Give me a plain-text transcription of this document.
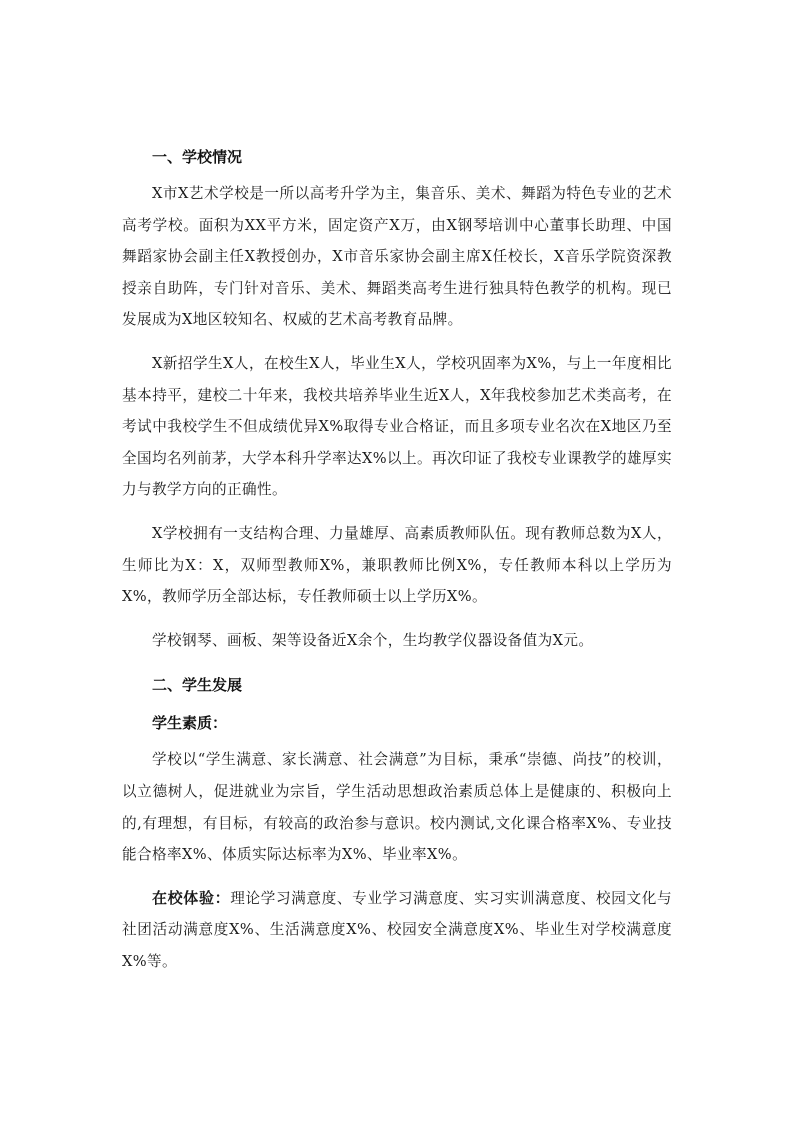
一、学校情况

X市X艺术学校是一所以高考升学为主，集音乐、美术、舞蹈为特色专业的艺术高考学校。面积为XX平方米，固定资产X万，由X钢琴培训中心董事长助理、中国舞蹈家协会副主任X教授创办，X市音乐家协会副主席X任校长，X音乐学院资深教授亲自助阵，专门针对音乐、美术、舞蹈类高考生进行独具特色教学的机构。现已发展成为X地区较知名、权威的艺术高考教育品牌。

X新招学生X人，在校生X人，毕业生X人，学校巩固率为X%，与上一年度相比基本持平，建校二十年来，我校共培养毕业生近X人，X年我校参加艺术类高考，在考试中我校学生不但成绩优异X%取得专业合格证，而且多项专业名次在X地区乃至全国均名列前茅，大学本科升学率达X%以上。再次印证了我校专业课教学的雄厚实力与教学方向的正确性。

X学校拥有一支结构合理、力量雄厚、高素质教师队伍。现有教师总数为X人，生师比为X：X，双师型教师X%，兼职教师比例X%，专任教师本科以上学历为X%，教师学历全部达标，专任教师硕士以上学历X%。

学校钢琴、画板、架等设备近X余个，生均教学仪器设备值为X元。

二、学生发展
学生素质：

学校以“学生满意、家长满意、社会满意”为目标，秉承“崇德、尚技”的校训，以立德树人，促进就业为宗旨，学生活动思想政治素质总体上是健康的、积极向上的,有理想，有目标，有较高的政治参与意识。校内测试,文化课合格率X%、专业技能合格率X%、体质实际达标率为X%、毕业率X%。

在校体验：理论学习满意度、专业学习满意度、实习实训满意度、校园文化与社团活动满意度X%、生活满意度X%、校园安全满意度X%、毕业生对学校满意度X%等。
